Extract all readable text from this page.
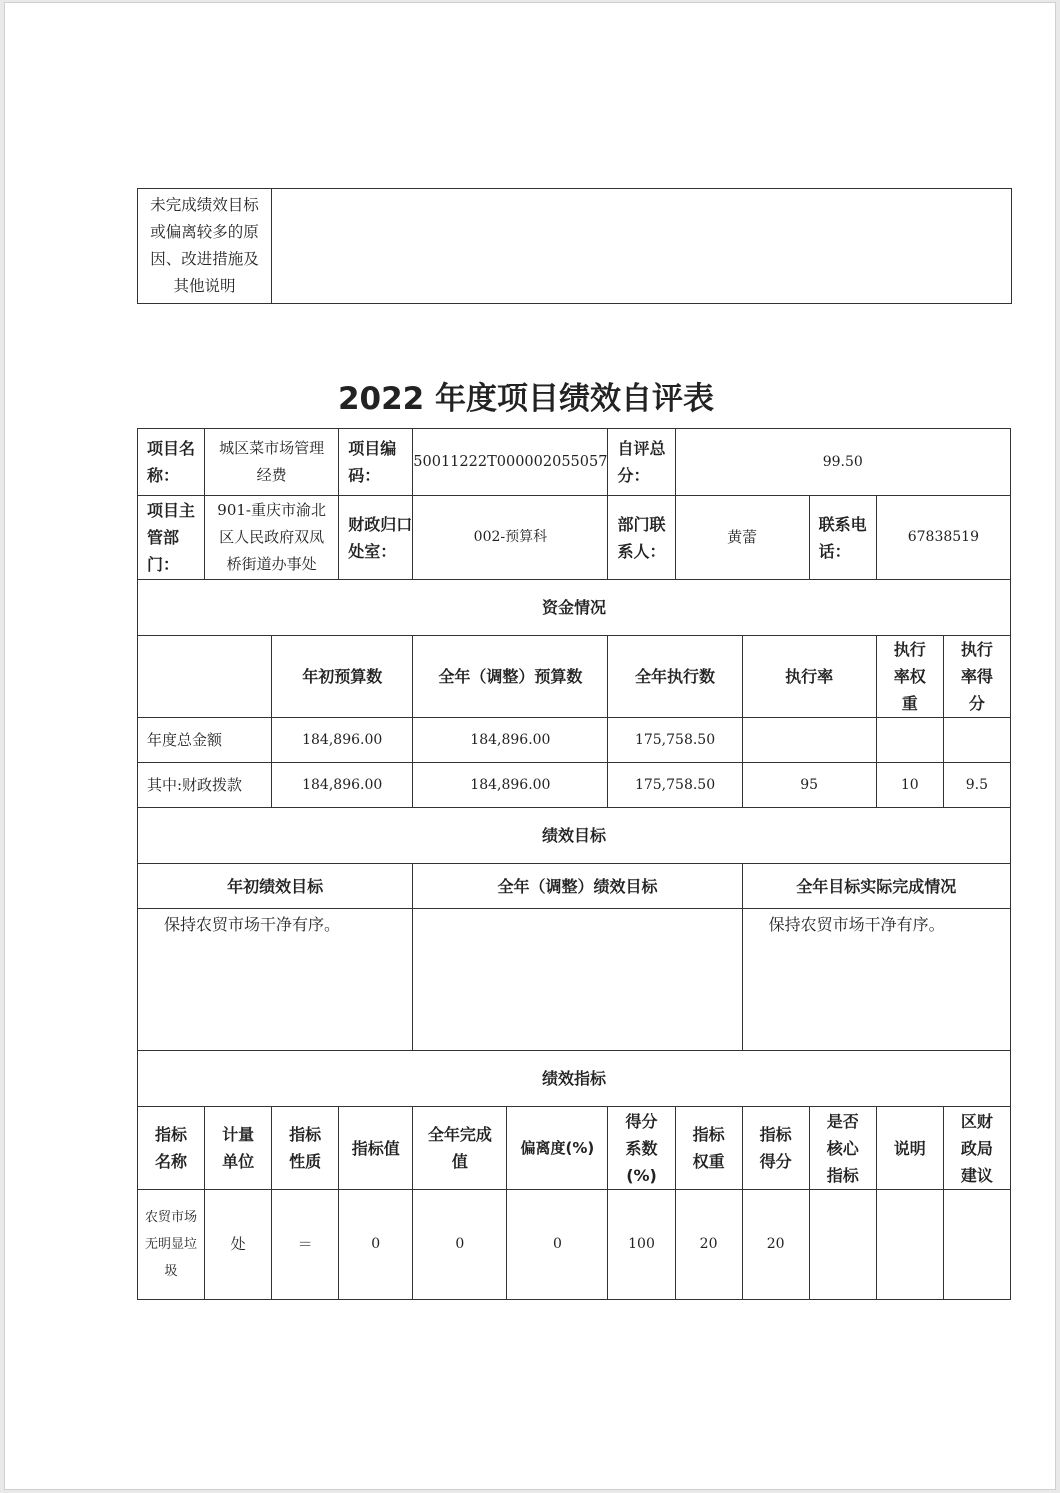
未完成绩效目标或偏离较多的原因、改进措施及其他说明	
2022 年度项目绩效自评表
项目名称：	城区菜市场管理经费		项目编码：	50011222T000002055057		自评总分：	99.50				
项目主管部门：	901-重庆市渝北区人民政府双凤桥街道办事处		财政归口处室：	002-预算科		部门联系人：	黄蕾		联系电话：	67838519	
资金情况											
		年初预算数		全年（调整）预算数		全年执行数		执行率		执行率权重	执行率得分
年度总金额		184,896.00		184,896.00		175,758.50					
其中:财政拨款		184,896.00		184,896.00		175,758.50		95		10	9.5
绩效目标											
年初绩效目标				全年（调整）绩效目标				全年目标实际完成情况			
保持农贸市场干净有序。								保持农贸市场干净有序。			
绩效指标											
指标名称	计量单位	指标性质	指标值	全年完成值	偏离度(%)	得分系数(%)	指标权重	指标得分	是否核心指标	说明	区财政局建议
农贸市场无明显垃圾	处	＝	0	0	0	100	20	20			
